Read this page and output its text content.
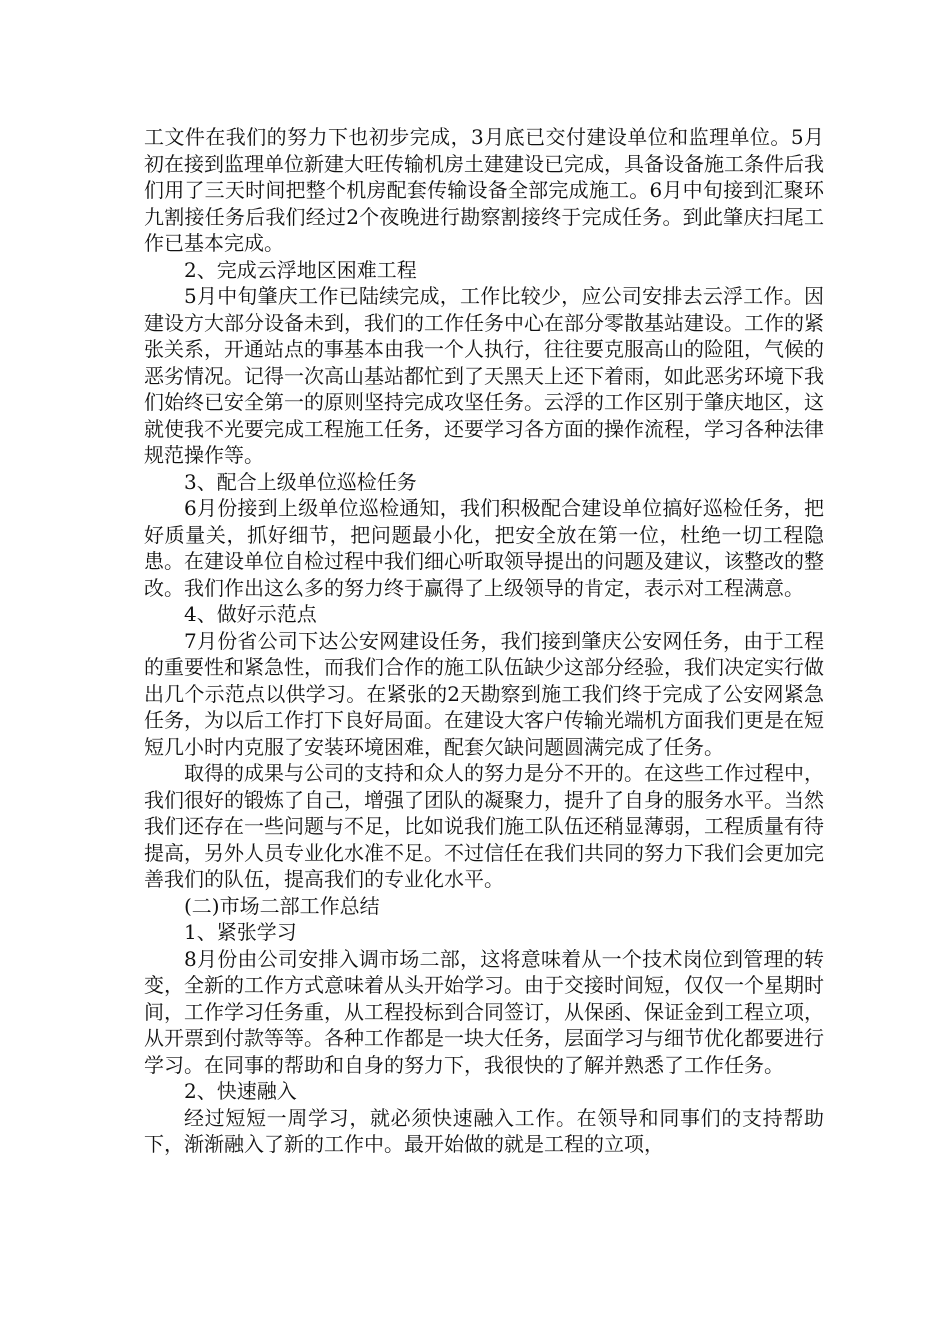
工文件在我们的努力下也初步完成，3月底已交付建设单位和监理单位。5月初在接到监理单位新建大旺传输机房土建建设已完成，具备设备施工条件后我们用了三天时间把整个机房配套传输设备全部完成施工。6月中旬接到汇聚环九割接任务后我们经过2个夜晚进行勘察割接终于完成任务。到此肇庆扫尾工作已基本完成。

2、完成云浮地区困难工程

5月中旬肇庆工作已陆续完成，工作比较少，应公司安排去云浮工作。因建设方大部分设备未到，我们的工作任务中心在部分零散基站建设。工作的紧张关系，开通站点的事基本由我一个人执行，往往要克服高山的险阻，气候的恶劣情况。记得一次高山基站都忙到了天黑天上还下着雨，如此恶劣环境下我们始终已安全第一的原则坚持完成攻坚任务。云浮的工作区别于肇庆地区，这就使我不光要完成工程施工任务，还要学习各方面的操作流程，学习各种法律规范操作等。

3、配合上级单位巡检任务

6月份接到上级单位巡检通知，我们积极配合建设单位搞好巡检任务，把好质量关，抓好细节，把问题最小化，把安全放在第一位，杜绝一切工程隐患。在建设单位自检过程中我们细心听取领导提出的问题及建议，该整改的整改。我们作出这么多的努力终于赢得了上级领导的肯定，表示对工程满意。

4、做好示范点

7月份省公司下达公安网建设任务，我们接到肇庆公安网任务，由于工程的重要性和紧急性，而我们合作的施工队伍缺少这部分经验，我们决定实行做出几个示范点以供学习。在紧张的2天勘察到施工我们终于完成了公安网紧急任务，为以后工作打下良好局面。在建设大客户传输光端机方面我们更是在短短几小时内克服了安装环境困难，配套欠缺问题圆满完成了任务。

取得的成果与公司的支持和众人的努力是分不开的。在这些工作过程中，我们很好的锻炼了自己，增强了团队的凝聚力，提升了自身的服务水平。当然我们还存在一些问题与不足，比如说我们施工队伍还稍显薄弱，工程质量有待提高，另外人员专业化水准不足。不过信任在我们共同的努力下我们会更加完善我们的队伍，提高我们的专业化水平。

(二)市场二部工作总结

1、紧张学习

8月份由公司安排入调市场二部，这将意味着从一个技术岗位到管理的转变，全新的工作方式意味着从头开始学习。由于交接时间短，仅仅一个星期时间，工作学习任务重，从工程投标到合同签订，从保函、保证金到工程立项，从开票到付款等等。各种工作都是一块大任务，层面学习与细节优化都要进行学习。在同事的帮助和自身的努力下，我很快的了解并熟悉了工作任务。

2、快速融入

经过短短一周学习，就必须快速融入工作。在领导和同事们的支持帮助下，渐渐融入了新的工作中。最开始做的就是工程的立项，
